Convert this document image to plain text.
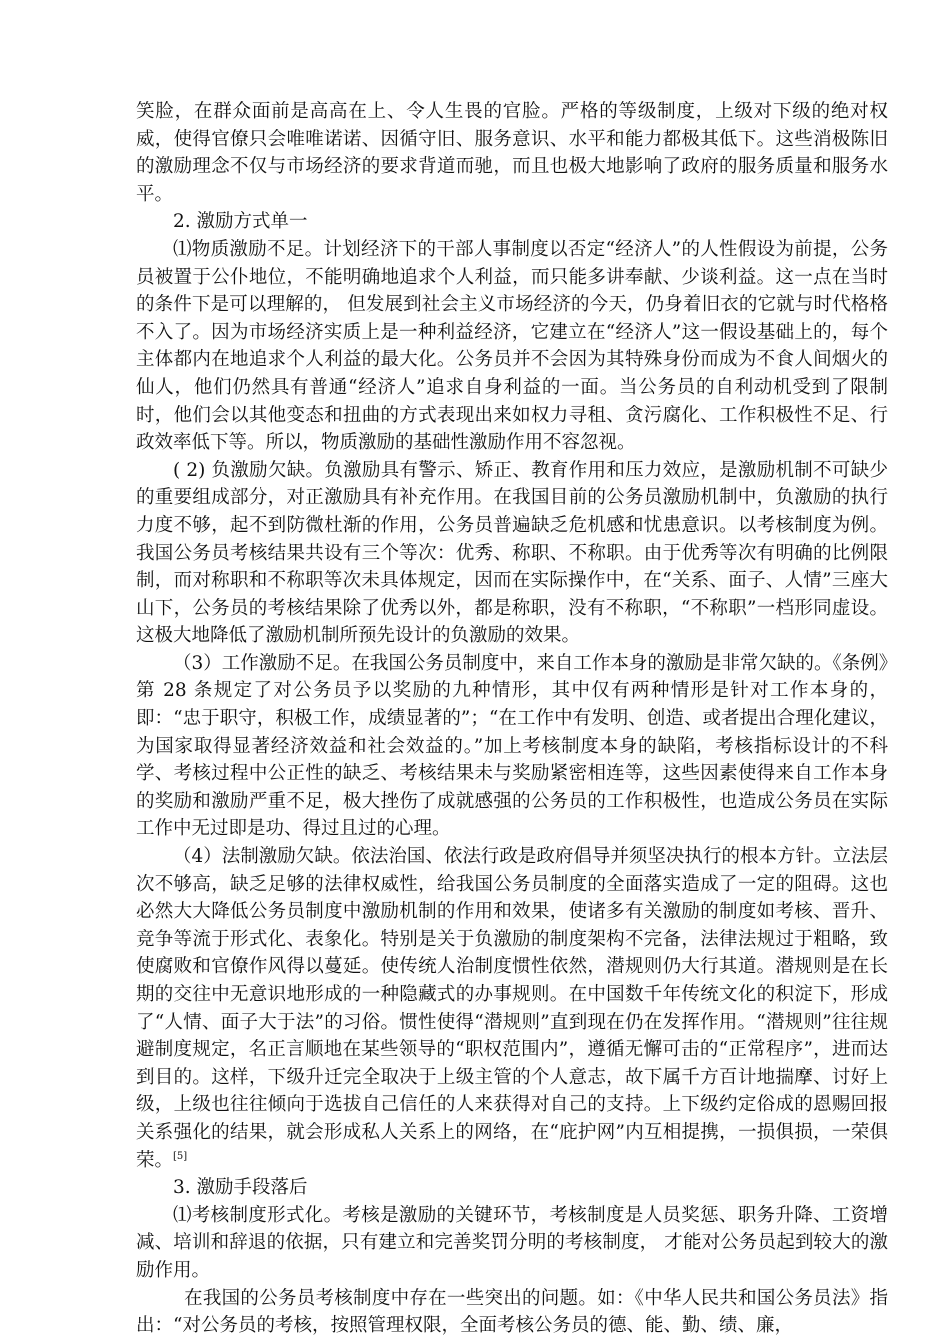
笑脸，在群众面前是高高在上、令人生畏的官脸。严格的等级制度，上级对下级的绝对权威，使得官僚只会唯唯诺诺、因循守旧、服务意识、水平和能力都极其低下。这些消极陈旧的激励理念不仅与市场经济的要求背道而驰，而且也极大地影响了政府的服务质量和服务水平。

2. 激励方式单一

⑴物质激励不足。计划经济下的干部人事制度以否定“经济人”的人性假设为前提，公务员被置于公仆地位，不能明确地追求个人利益，而只能多讲奉献、少谈利益。这一点在当时的条件下是可以理解的， 但发展到社会主义市场经济的今天，仍身着旧衣的它就与时代格格不入了。因为市场经济实质上是一种利益经济，它建立在“经济人”这一假设基础上的，每个主体都内在地追求个人利益的最大化。公务员并不会因为其特殊身份而成为不食人间烟火的仙人，他们仍然具有普通“经济人”追求自身利益的一面。当公务员的自利动机受到了限制时，他们会以其他变态和扭曲的方式表现出来如权力寻租、贪污腐化、工作积极性不足、行政效率低下等。所以，物质激励的基础性激励作用不容忽视。

( 2) 负激励欠缺。负激励具有警示、矫正、教育作用和压力效应，是激励机制不可缺少的重要组成部分，对正激励具有补充作用。在我国目前的公务员激励机制中，负激励的执行力度不够，起不到防微杜渐的作用，公务员普遍缺乏危机感和忧患意识。以考核制度为例。我国公务员考核结果共设有三个等次：优秀、称职、不称职。由于优秀等次有明确的比例限制，而对称职和不称职等次未具体规定，因而在实际操作中，在“关系、面子、人情”三座大山下，公务员的考核结果除了优秀以外，都是称职，没有不称职，“不称职”一档形同虚设。这极大地降低了激励机制所预先设计的负激励的效果。

（3）工作激励不足。在我国公务员制度中，来自工作本身的激励是非常欠缺的。《条例》第 28 条规定了对公务员予以奖励的九种情形，其中仅有两种情形是针对工作本身的，即：“忠于职守，积极工作，成绩显著的”；“在工作中有发明、创造、或者提出合理化建议，为国家取得显著经济效益和社会效益的。”加上考核制度本身的缺陷，考核指标设计的不科学、考核过程中公正性的缺乏、考核结果未与奖励紧密相连等，这些因素使得来自工作本身的奖励和激励严重不足，极大挫伤了成就感强的公务员的工作积极性，也造成公务员在实际工作中无过即是功、得过且过的心理。

（4）法制激励欠缺。依法治国、依法行政是政府倡导并须坚决执行的根本方针。立法层次不够高，缺乏足够的法律权威性，给我国公务员制度的全面落实造成了一定的阻碍。这也必然大大降低公务员制度中激励机制的作用和效果，使诸多有关激励的制度如考核、晋升、竞争等流于形式化、表象化。特别是关于负激励的制度架构不完备，法律法规过于粗略，致使腐败和官僚作风得以蔓延。使传统人治制度惯性依然，潜规则仍大行其道。潜规则是在长期的交往中无意识地形成的一种隐藏式的办事规则。在中国数千年传统文化的积淀下，形成了“人情、面子大于法”的习俗。惯性使得“潜规则”直到现在仍在发挥作用。“潜规则”往往规避制度规定，名正言顺地在某些领导的“职权范围内”，遵循无懈可击的“正常程序”，进而达到目的。这样，下级升迁完全取决于上级主管的个人意志，故下属千方百计地揣摩、讨好上级，上级也往往倾向于选拔自己信任的人来获得对自己的支持。上下级约定俗成的恩赐回报关系强化的结果，就会形成私人关系上的网络，在“庇护网”内互相提携，一损俱损，一荣俱荣。[5]

3. 激励手段落后

⑴考核制度形式化。考核是激励的关键环节，考核制度是人员奖惩、职务升降、工资增减、培训和辞退的依据，只有建立和完善奖罚分明的考核制度， 才能对公务员起到较大的激励作用。

在我国的公务员考核制度中存在一些突出的问题。如：《中华人民共和国公务员法》指出：“对公务员的考核，按照管理权限，全面考核公务员的德、能、勤、绩、廉，
